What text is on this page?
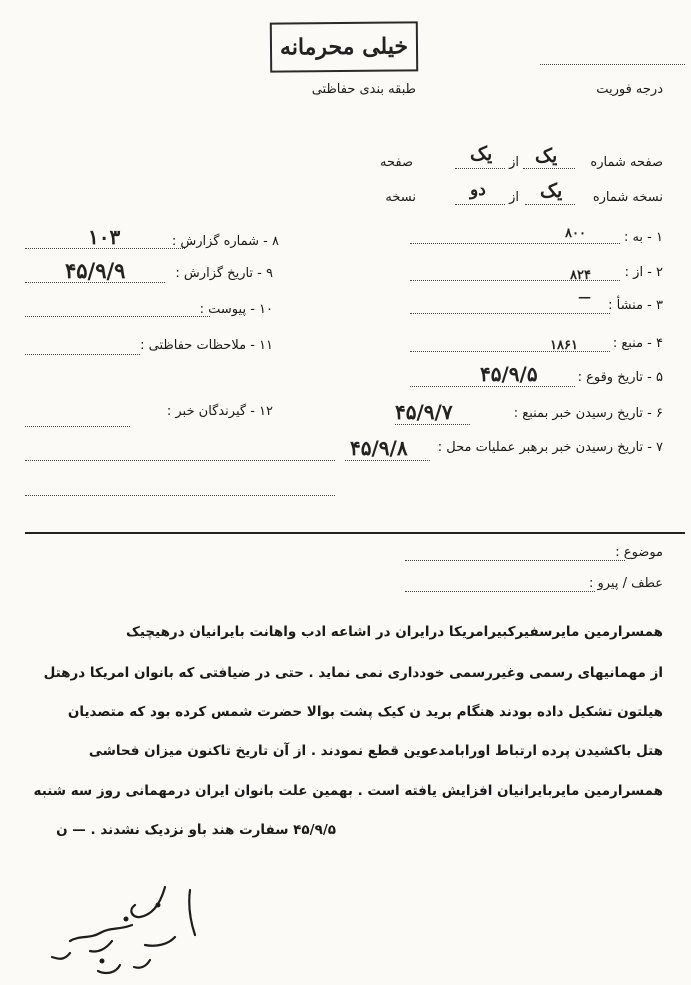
خیلی محرمانه
طبقه بندی حفاظتی	درجه فوریت
صفحه شماره
یک
از
یک
صفحه
نسخه شماره
یک
از
دو
نسخه
۱ - به :
۸۰۰
۲ - از :
۸۲۴
۳ - منشأ :
—
۴ - منبع :
۱۸۶۱
۵ - تاریخ وقوع :
۴۵/۹/۵
۶ - تاریخ رسیدن خبر بمنبع :
۴۵/۹/۷
۷ - تاریخ رسیدن خبر برهبر عملیات محل :
۴۵/۹/۸
۸ - شماره گزارش :
۱۰۳
۹ - تاریخ گزارش :
۴۵/۹/۹
۱۰ - پیوست :
۱۱ - ملاحظات حفاظتی :
۱۲ - گیرندگان خبر :
موضوع :
عطف / پیرو :
همسرارمین مایرسفیرکبیرامریکا درایران در اشاعه ادب واهانت بایرانیان درهیچیک
از مهمانیهای رسمی وغیررسمی خودداری نمی نماید . حتی در ضیافتی که بانوان امریکا درهتل
هیلتون تشکیل داده بودند هنگام برید ن کیک پشت بوالا حضرت شمس کرده بود که متصدیان
هتل باکشیدن پرده ارتباط اورابامدعوین قطع نمودند . از آن تاریخ تاکنون میزان فحاشی
همسرارمین مایربایرانیان افزایش یافته است . بهمین علت بانوان ایران درمهمانی روز سه شنبه
۴۵/۹/۵ سفارت هند باو نزدیک نشدند . — ن
